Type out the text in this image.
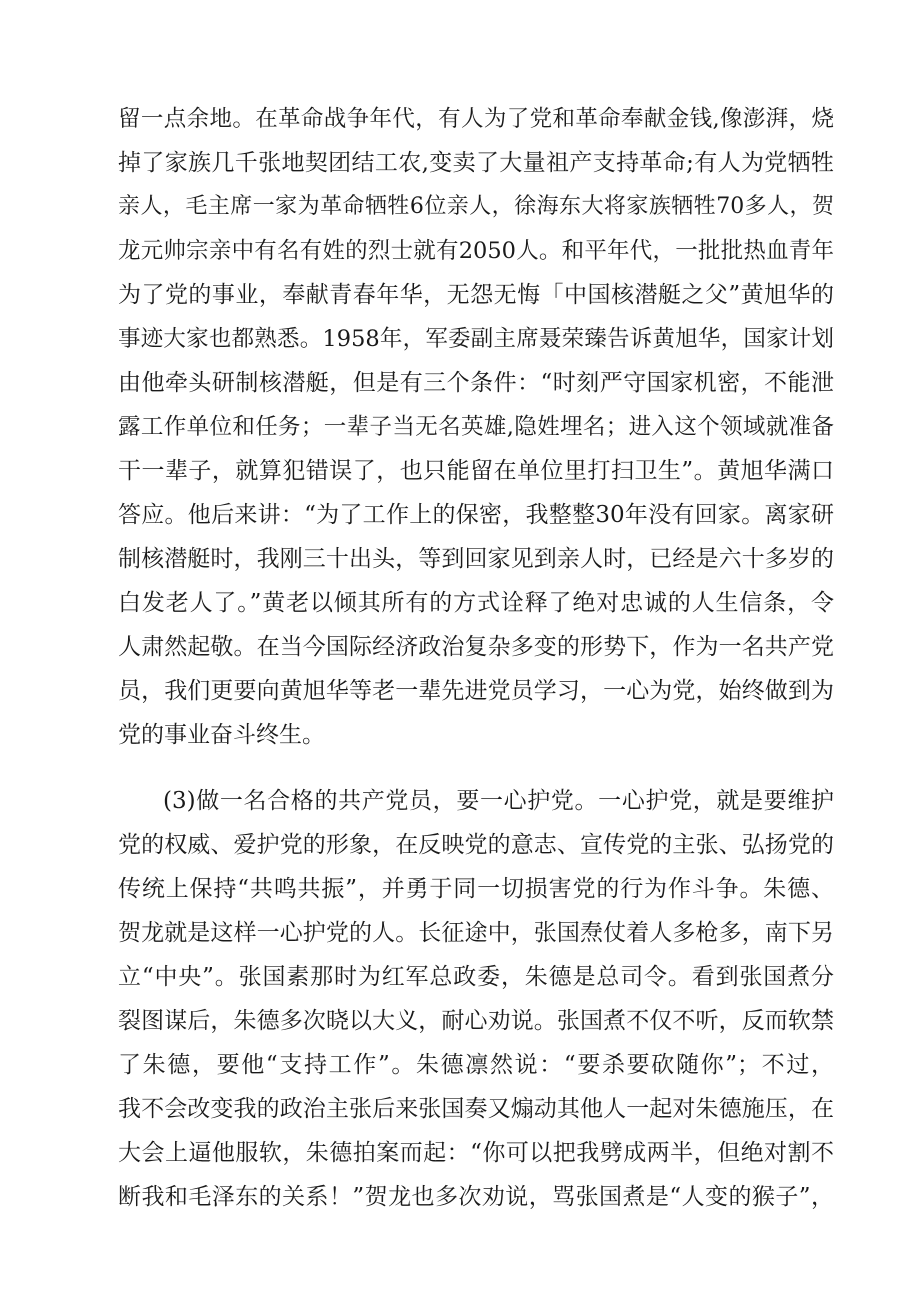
留一点余地。在革命战争年代，有人为了党和革命奉献金钱,像澎湃，烧
掉了家族几千张地契团结工农,变卖了大量祖产支持革命;有人为党牺牲
亲人，毛主席一家为革命牺牲6位亲人，徐海东大将家族牺牲70多人，贺
龙元帅宗亲中有名有姓的烈士就有2050人。和平年代，一批批热血青年
为了党的事业，奉献青春年华，无怨无悔「中国核潜艇之父”黄旭华的
事迹大家也都熟悉。1958年，军委副主席聂荣臻告诉黄旭华，国家计划
由他牵头研制核潜艇，但是有三个条件：“时刻严守国家机密，不能泄
露工作单位和任务；一辈子当无名英雄,隐姓埋名；进入这个领域就准备
干一辈子，就算犯错误了，也只能留在单位里打扫卫生”。黄旭华满口
答应。他后来讲：“为了工作上的保密，我整整30年没有回家。离家研
制核潜艇时，我刚三十出头，等到回家见到亲人时，已经是六十多岁的
白发老人了。”黄老以倾其所有的方式诠释了绝对忠诚的人生信条，令
人肃然起敬。在当今国际经济政治复杂多变的形势下，作为一名共产党
员，我们更要向黄旭华等老一辈先进党员学习，一心为党，始终做到为
党的事业奋斗终生。
(3)做一名合格的共产党员，要一心护党。一心护党，就是要维护
党的权威、爱护党的形象，在反映党的意志、宣传党的主张、弘扬党的
传统上保持“共鸣共振”，并勇于同一切损害党的行为作斗争。朱德、
贺龙就是这样一心护党的人。长征途中，张国焘仗着人多枪多，南下另
立“中央”。张国素那时为红军总政委，朱德是总司令。看到张国煮分
裂图谋后，朱德多次晓以大义，耐心劝说。张国煮不仅不听，反而软禁
了朱德，要他“支持工作”。朱德凛然说：“要杀要砍随你”；不过，
我不会改变我的政治主张后来张国奏又煽动其他人一起对朱德施压，在
大会上逼他服软，朱德拍案而起：“你可以把我劈成两半，但绝对割不
断我和毛泽东的关系！”贺龙也多次劝说，骂张国煮是“人变的猴子”，
